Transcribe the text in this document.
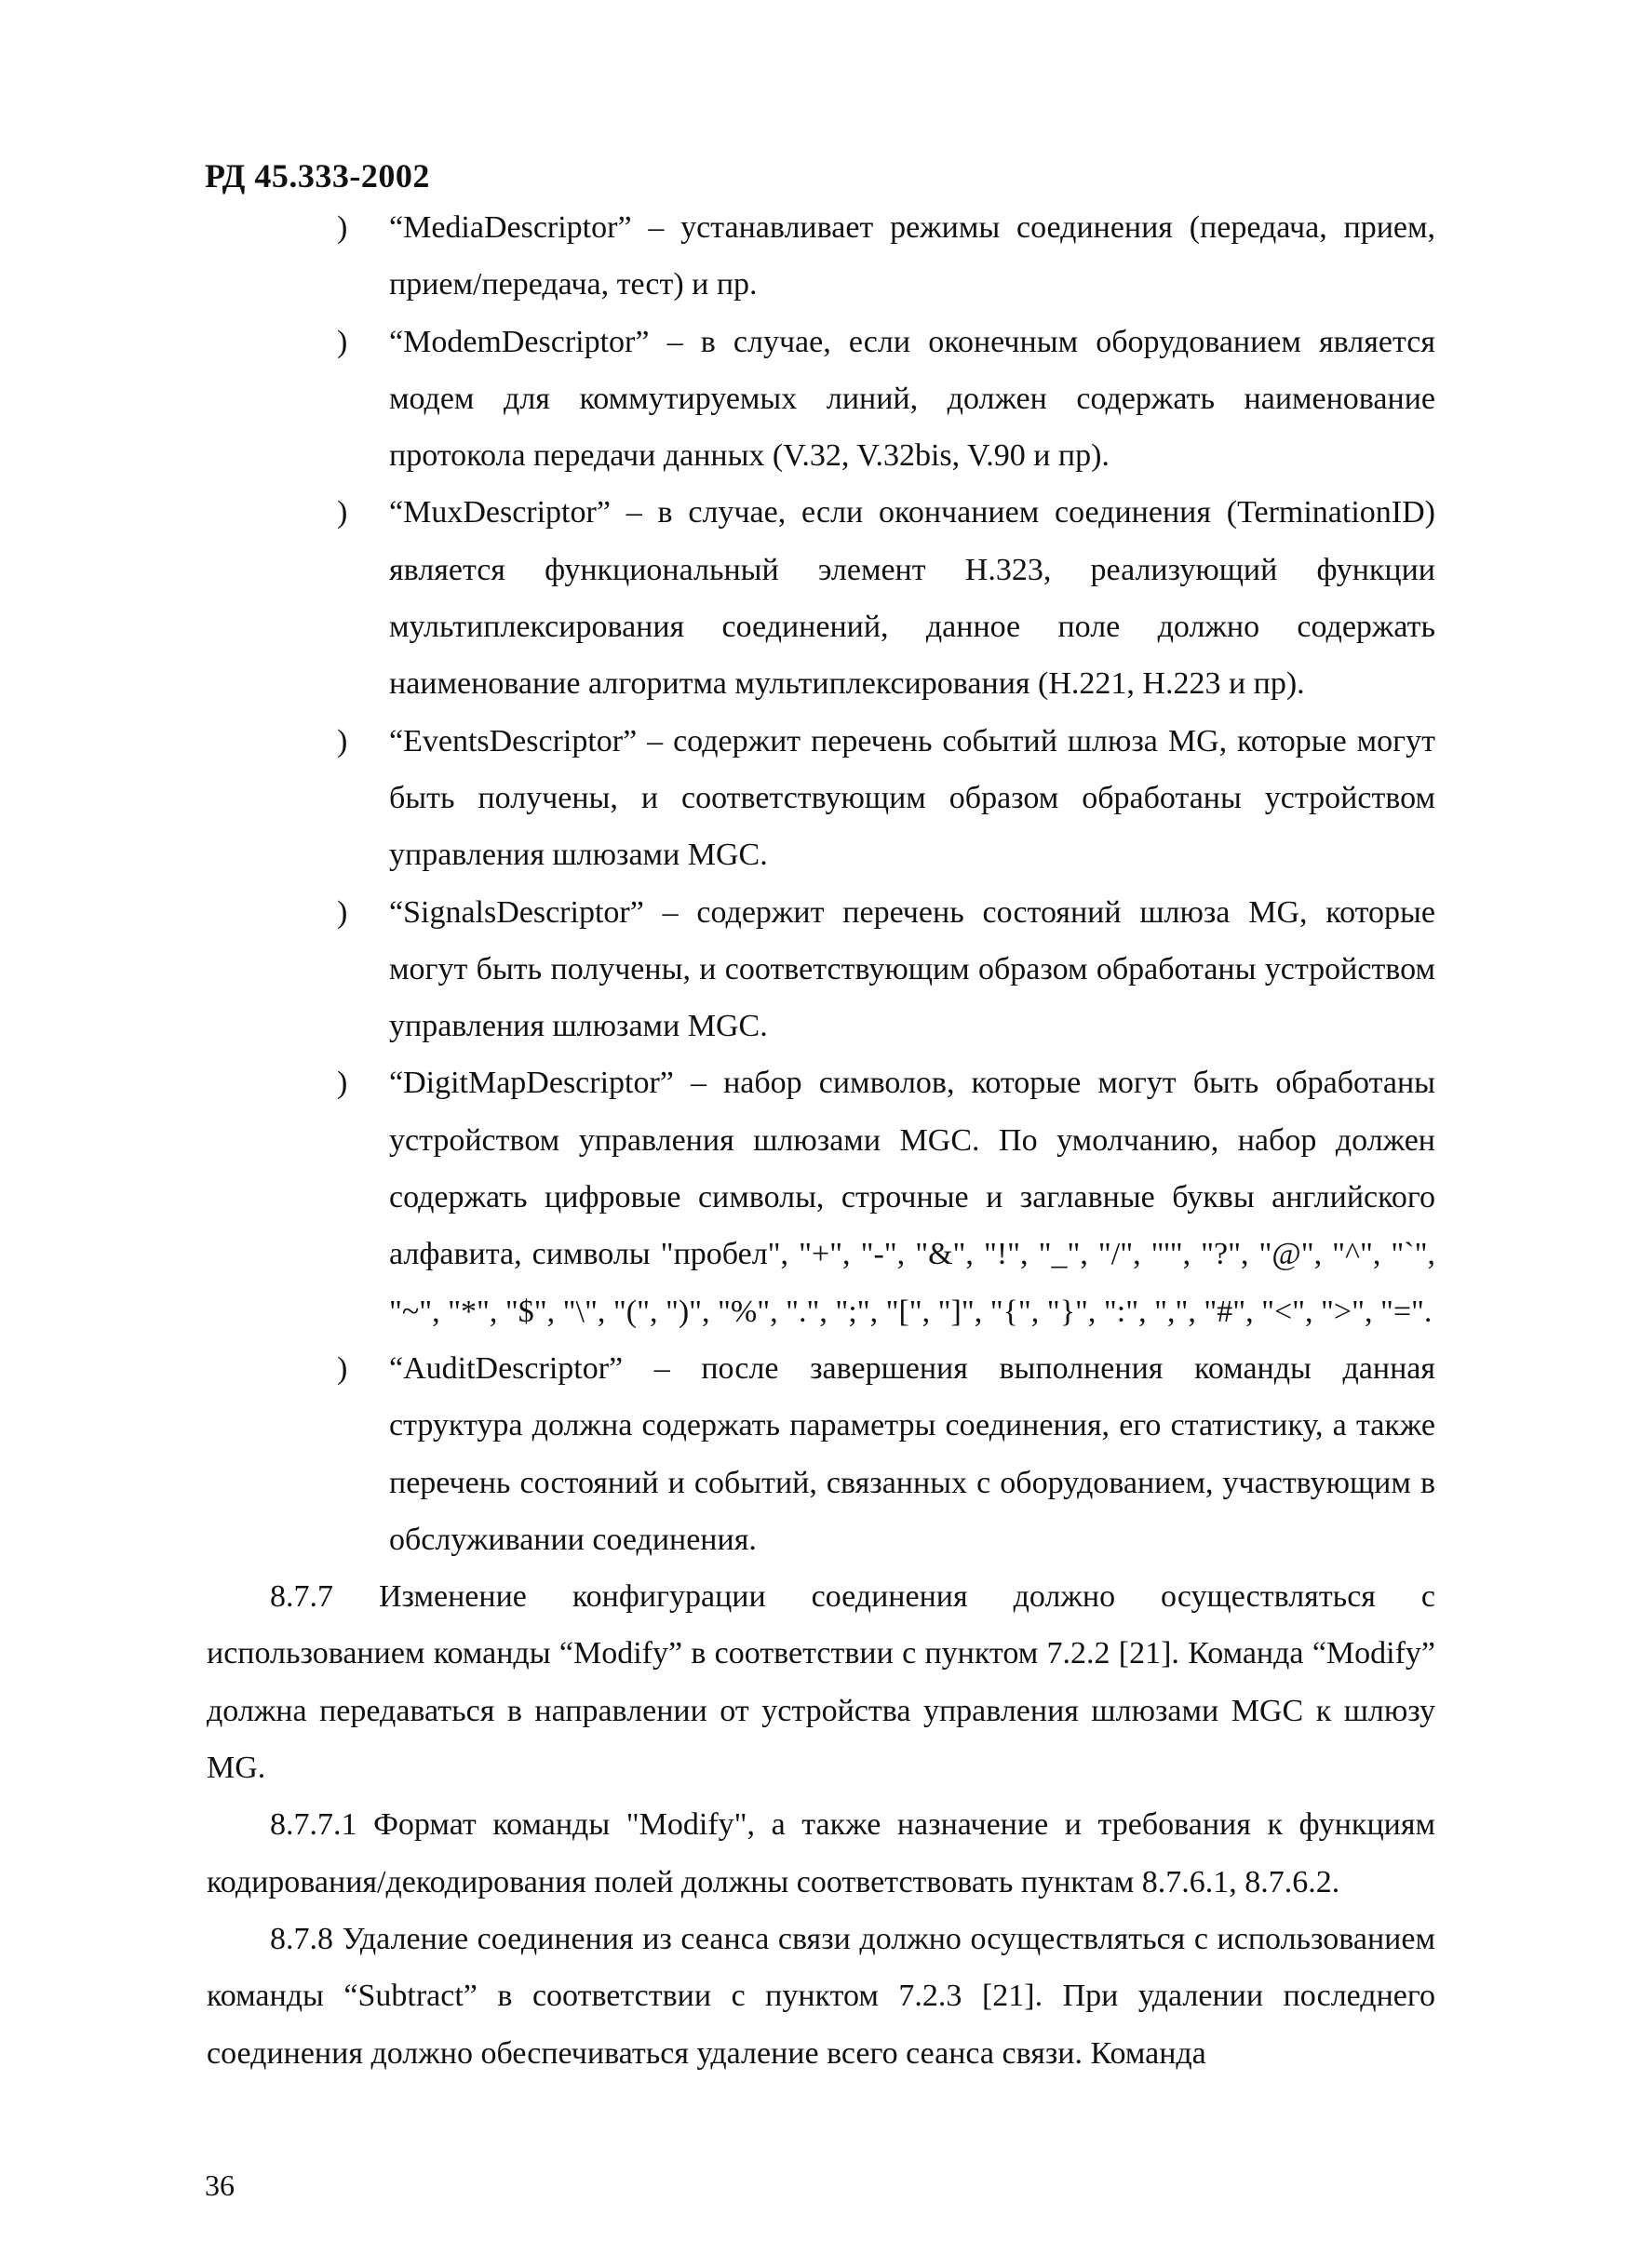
РД 45.333-2002
) “MediaDescriptor” – устанавливает режимы соединения (передача, прием, прием/передача, тест) и пр.
) “ModemDescriptor” – в случае, если оконечным оборудованием является модем для коммутируемых линий, должен содержать наименование протокола передачи данных (V.32, V.32bis, V.90 и пр).
) “MuxDescriptor” – в случае, если окончанием соединения (TerminationID) является функциональный элемент H.323, реализующий функции мультиплексирования соединений, данное поле должно содержать наименование алгоритма мультиплексирования (H.221, H.223 и пр).
) “EventsDescriptor” – содержит перечень событий шлюза MG, которые могут быть получены, и соответствующим образом обработаны устройством управления шлюзами MGC.
) “SignalsDescriptor” – содержит перечень состояний шлюза MG, которые могут быть получены, и соответствующим образом обработаны устройством управления шлюзами MGC.
) “DigitMapDescriptor” – набор символов, которые могут быть обработаны устройством управления шлюзами MGC. По умолчанию, набор должен содержать цифровые символы, строчные и заглавные буквы английского алфавита, символы "пробел", "+", "-", "&", "!", "_", "/", "'", "?", "@", "^", "`", "~", "*", "$", "\", "(", ")", "%", ".", ";", "[", "]", "{", "}", ":", ",", "#", "<", ">", "=".
) “AuditDescriptor” – после завершения выполнения команды данная структура должна содержать параметры соединения, его статистику, а также перечень состояний и событий, связанных с оборудованием, участвующим в обслуживании соединения.
8.7.7 Изменение конфигурации соединения должно осуществляться с использованием команды “Modify” в соответствии с пунктом 7.2.2 [21]. Команда “Modify” должна передаваться в направлении от устройства управления шлюзами MGC к шлюзу MG.
8.7.7.1 Формат команды "Modify", а также назначение и требования к функциям кодирования/декодирования полей должны соответствовать пунктам 8.7.6.1, 8.7.6.2.
8.7.8 Удаление соединения из сеанса связи должно осуществляться с использованием команды “Subtract” в соответствии с пунктом 7.2.3 [21]. При удалении последнего соединения должно обеспечиваться удаление всего сеанса связи. Команда
36
